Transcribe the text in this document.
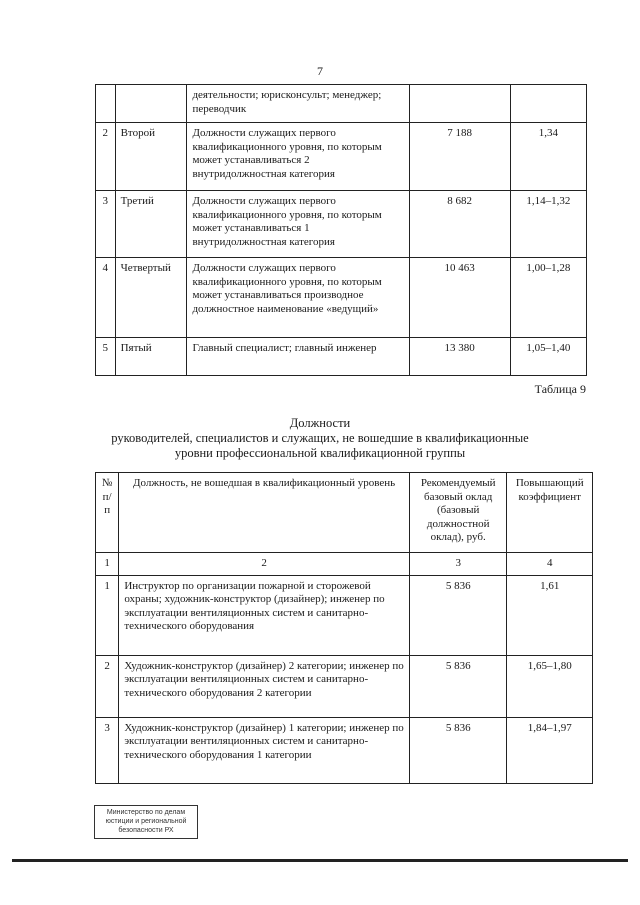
7
		деятельности; юрисконсульт; менеджер; переводчик		
2	Второй	Должности служащих первого квалификационного уровня, по которым может устанавливаться 2 внутридолжностная категория	7 188	1,34
3	Третий	Должности служащих первого квалификационного уровня, по которым может устанавливаться 1 внутридолжностная категория	8 682	1,14–1,32
4	Четвертый	Должности служащих первого квалификационного уровня, по которым может устанавливаться производное должностное наименование «ведущий»	10 463	1,00–1,28
5	Пятый	Главный специалист; главный инженер	13 380	1,05–1,40
Таблица 9
Должности
руководителей, специалистов и служащих, не вошедшие в квалификационные
уровни профессиональной квалификационной группы
№ п/п	Должность, не вошедшая в квалификационный уровень	Рекомендуемый базовый оклад (базовый должностной оклад), руб.	Повышающий коэффициент
1	2	3	4
1	Инструктор по организации пожарной и сторожевой охраны; художник-конструктор (дизайнер); инженер по эксплуатации вентиляционных систем и санитарно-технического оборудования	5 836	1,61
2	Художник-конструктор (дизайнер) 2 категории; инженер по эксплуатации вентиляционных систем и санитарно-технического оборудования 2 категории	5 836	1,65–1,80
3	Художник-конструктор (дизайнер) 1 категории; инженер по эксплуатации вентиляционных систем и санитарно-технического оборудования 1 категории	5 836	1,84–1,97
Министерство по делам
юстиции и региональной
безопасности РХ
